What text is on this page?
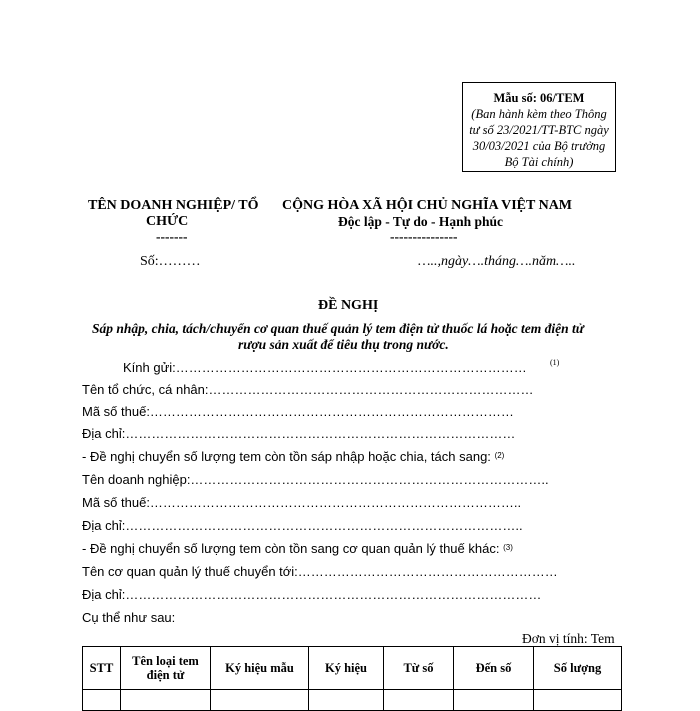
Mẫu số: 06/TEM
(Ban hành kèm theo Thông
tư số 23/2021/TT-BTC ngày
30/03/2021 của Bộ trưởng
Bộ Tài chính)
TÊN DOANH NGHIỆP/ TỔ
CHỨC
-------
Số:………
CỘNG HÒA XÃ HỘI CHỦ NGHĨA VIỆT NAM
Độc lập - Tự do - Hạnh phúc
---------------
…..,ngày….tháng….năm…..
ĐỀ NGHỊ
Sáp nhập, chia, tách/chuyển cơ quan thuế quản lý tem điện tử thuốc lá hoặc tem điện tử
rượu sản xuất để tiêu thụ trong nước.
Kính gửi:………………………………………………………………………	(1)
Tên tổ chức, cá nhân:…………………………………………………………………
Mã số thuế:…………………………………………………………………………
Địa chỉ:………………………………………………………………………………
- Đề nghị chuyển số lượng tem còn tồn sáp nhập hoặc chia, tách sang: $^{(2)}$
Tên doanh nghiệp:………………………………………………………………………..
Mã số thuế:…………………………………………………………………………..
Địa chỉ:………………………………………………………………………………..
- Đề nghị chuyển số lượng tem còn tồn sang cơ quan quản lý thuế khác: $^{(3)}$
Tên cơ quan quản lý thuế chuyển tới:……………………………………………………
Địa chỉ:……………………………………………………………………………………
Cụ thể như sau:
Đơn vị tính: Tem
STT	Tên loại tem điện tử	Ký hiệu mẫu	Ký hiệu	Từ số	Đến số	Số lượng
